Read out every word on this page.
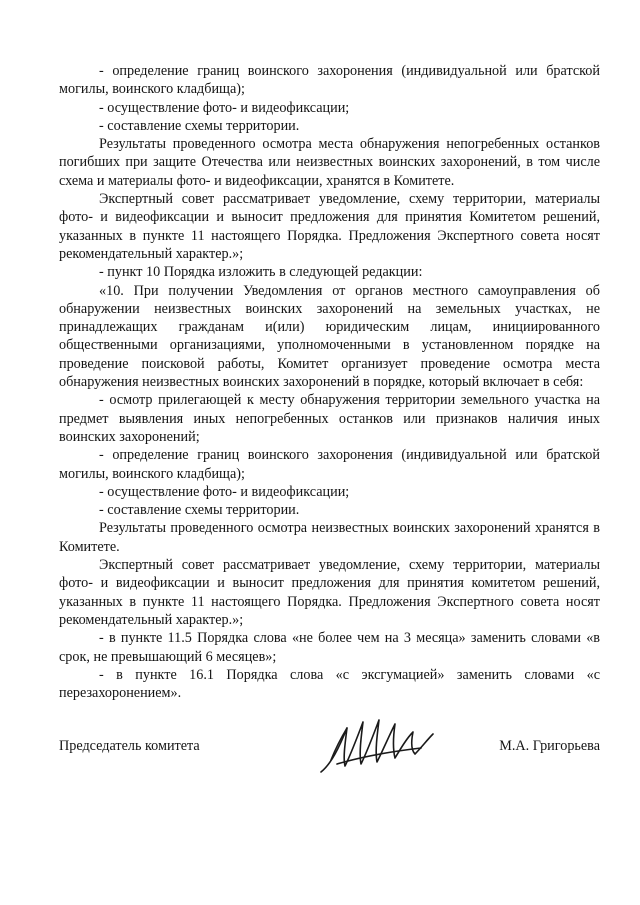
- определение границ воинского захоронения (индивидуальной или братской могилы, воинского кладбища);

- осуществление фото- и видеофиксации;

- составление схемы территории.

Результаты проведенного осмотра места обнаружения непогребенных останков погибших при защите Отечества или неизвестных воинских захоронений, в том числе схема и материалы фото- и видеофиксации, хранятся в Комитете.

Экспертный совет рассматривает уведомление, схему территории, материалы фото- и видеофиксации и выносит предложения для принятия Комитетом решений, указанных в пункте 11 настоящего Порядка. Предложения Экспертного совета носят рекомендательный характер.»;

- пункт 10 Порядка изложить в следующей редакции:

«10. При получении Уведомления от органов местного самоуправления об обнаружении неизвестных воинских захоронений на земельных участках, не принадлежащих гражданам и(или) юридическим лицам, инициированного общественными организациями, уполномоченными в установленном порядке на проведение поисковой работы, Комитет организует проведение осмотра места обнаружения неизвестных воинских захоронений в порядке, который включает в себя:

- осмотр прилегающей к месту обнаружения территории земельного участка на предмет выявления иных непогребенных останков или признаков наличия иных воинских захоронений;

- определение границ воинского захоронения (индивидуальной или братской могилы, воинского кладбища);

- осуществление фото- и видеофиксации;

- составление схемы территории.

Результаты проведенного осмотра неизвестных воинских захоронений хранятся в Комитете.

Экспертный совет рассматривает уведомление, схему территории, материалы фото- и видеофиксации и выносит предложения для принятия комитетом решений, указанных в пункте 11 настоящего Порядка. Предложения Экспертного совета носят рекомендательный характер.»;

- в пункте 11.5 Порядка слова «не более чем на 3 месяца» заменить словами «в срок, не превышающий 6 месяцев»;

- в пункте 16.1 Порядка слова «с эксгумацией» заменить словами «с перезахоронением».

Председатель комитета	М.А. Григорьева
